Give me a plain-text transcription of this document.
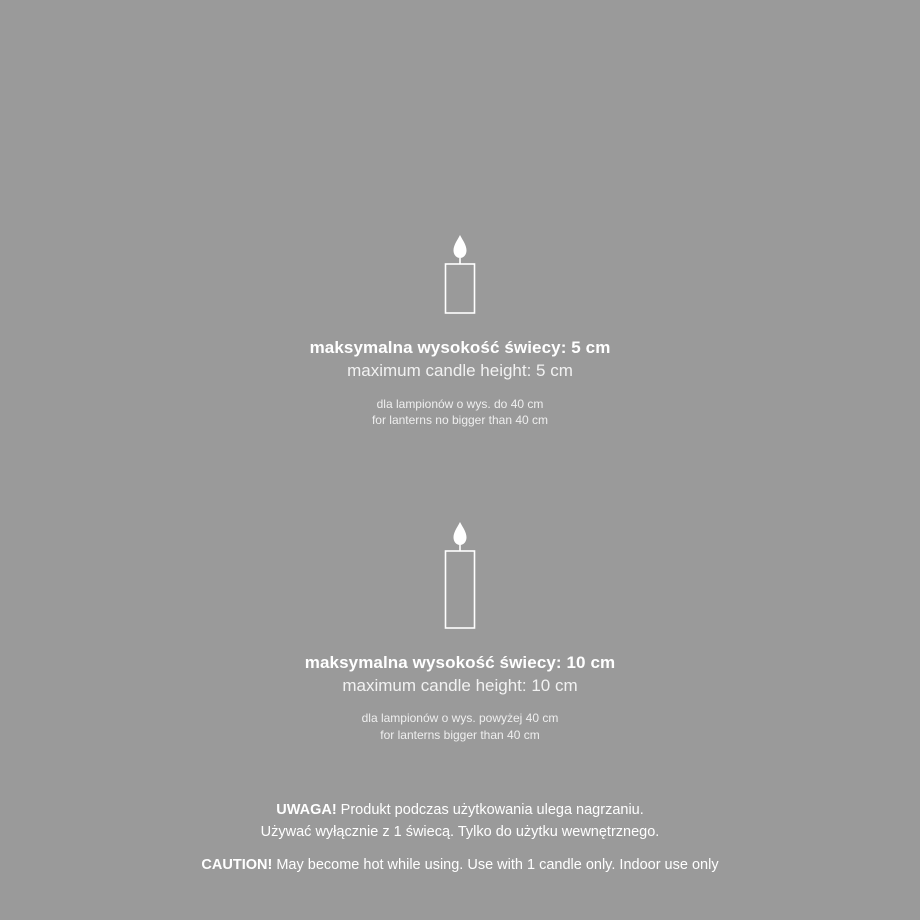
maksymalna wysokość świecy: 5 cm
maximum candle height: 5 cm
dla lampionów o wys. do 40 cm
for lanterns no bigger than 40 cm
maksymalna wysokość świecy: 10 cm
maximum candle height: 10 cm
dla lampionów o wys. powyżej 40 cm
for lanterns bigger than 40 cm
UWAGA! Produkt podczas użytkowania ulega nagrzaniu.
Używać wyłącznie z 1 świecą. Tylko do użytku wewnętrznego.
CAUTION! May become hot while using. Use with 1 candle only. Indoor use only
